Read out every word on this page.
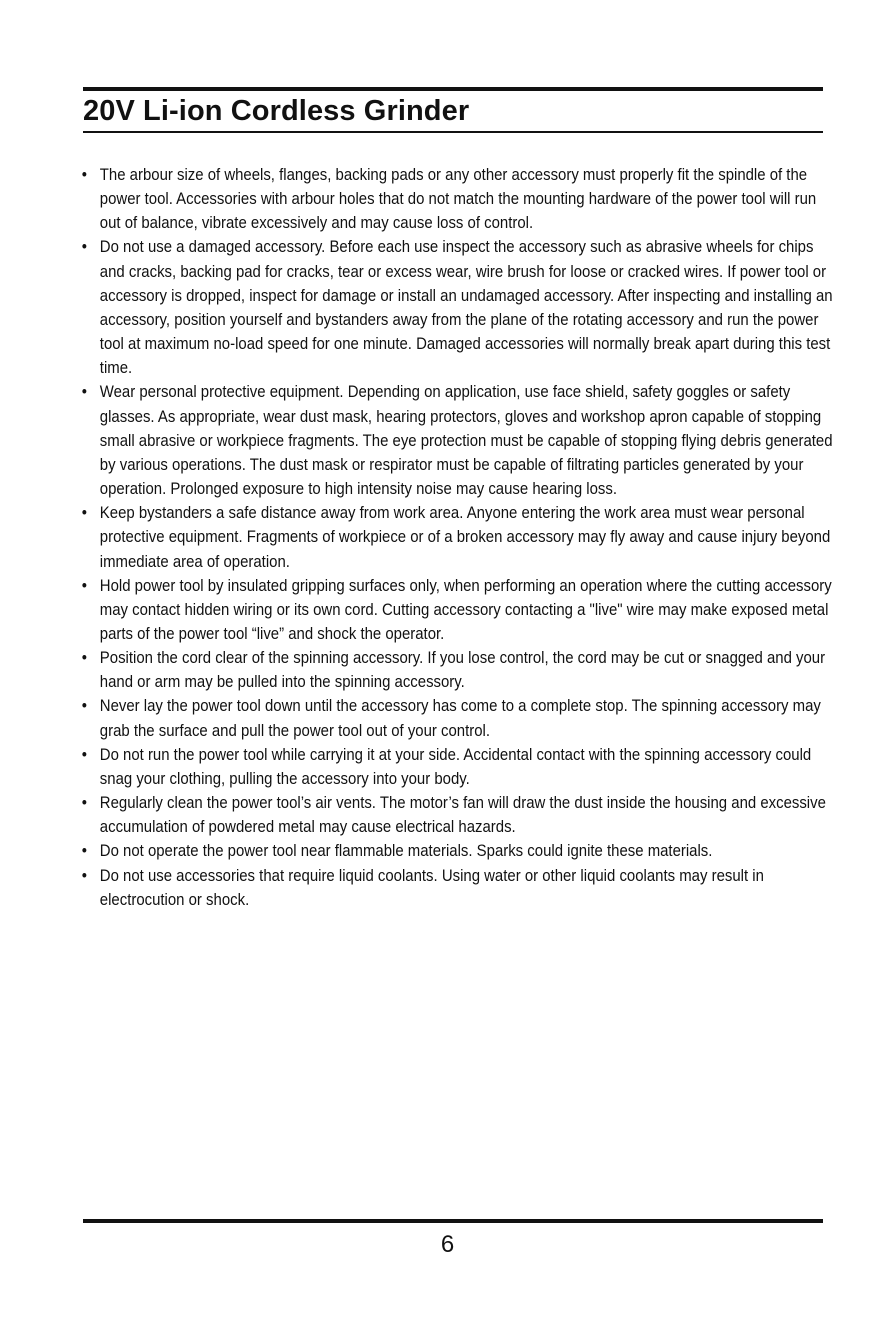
20V Li-ion Cordless Grinder
• The arbour size of wheels, flanges, backing pads or any other accessory must properly fit the spindle of the power tool. Accessories with arbour holes that do not match the mounting hardware of the power tool will run out of balance, vibrate excessively and may cause loss of control.
• Do not use a damaged accessory. Before each use inspect the accessory such as abrasive wheels for chips and cracks, backing pad for cracks, tear or excess wear, wire brush for loose or cracked wires. If power tool or accessory is dropped, inspect for damage or install an undamaged accessory. After inspecting and installing an accessory, position yourself and bystanders away from the plane of the rotating accessory and run the power tool at maximum no-load speed for one minute. Damaged accessories will normally break apart during this test time.
• Wear personal protective equipment. Depending on application, use face shield, safety goggles or safety glasses. As appropriate, wear dust mask, hearing protectors, gloves and workshop apron capable of stopping small abrasive or workpiece fragments. The eye protection must be capable of stopping flying debris generated by various operations. The dust mask or respirator must be capable of filtrating particles generated by your operation. Prolonged exposure to high intensity noise may cause hearing loss.
• Keep bystanders a safe distance away from work area. Anyone entering the work area must wear personal protective equipment. Fragments of workpiece or of a broken accessory may fly away and cause injury beyond immediate area of operation.
• Hold power tool by insulated gripping surfaces only, when performing an operation where the cutting accessory may contact hidden wiring or its own cord. Cutting accessory contacting a "live" wire may make exposed metal parts of the power tool “live” and shock the operator.
• Position the cord clear of the spinning accessory. If you lose control, the cord may be cut or snagged and your hand or arm may be pulled into the spinning accessory.
• Never lay the power tool down until the accessory has come to a complete stop. The spinning accessory may grab the surface and pull the power tool out of your control.
• Do not run the power tool while carrying it at your side. Accidental contact with the spinning accessory could snag your clothing, pulling the accessory into your body.
• Regularly clean the power tool’s air vents. The motor’s fan will draw the dust inside the housing and excessive accumulation of powdered metal may cause electrical hazards.
• Do not operate the power tool near flammable materials. Sparks could ignite these materials.
• Do not use accessories that require liquid coolants. Using water or other liquid coolants may result in electrocution or shock.
6
